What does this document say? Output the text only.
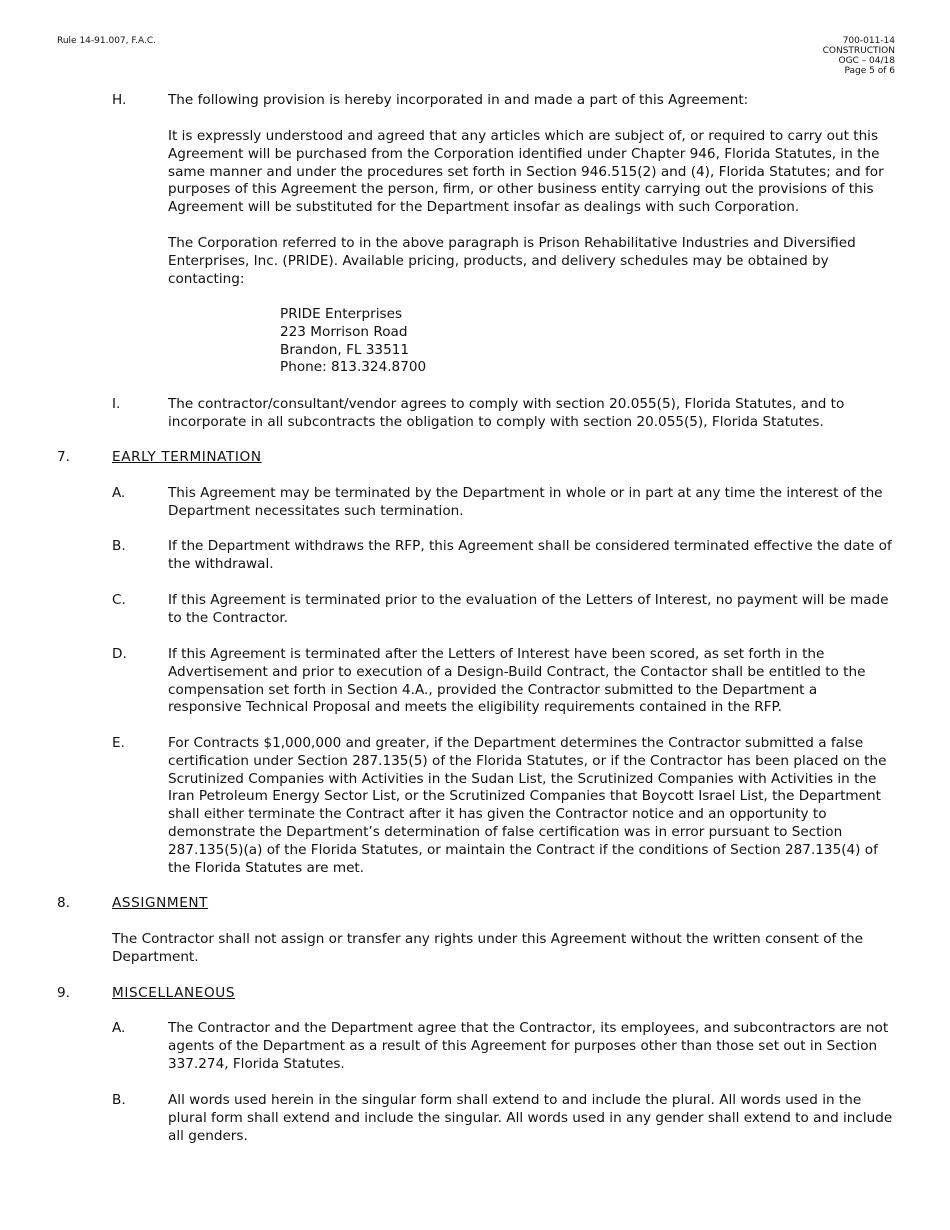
Rule 14-91.007, F.A.C.	700-011-14
CONSTRUCTION
OGC – 04/18
Page 5 of 6
H.	The following provision is hereby incorporated in and made a part of this Agreement:
It is expressly understood and agreed that any articles which are subject of, or required to carry out this Agreement will be purchased from the Corporation identified under Chapter 946, Florida Statutes, in the same manner and under the procedures set forth in Section 946.515(2) and (4), Florida Statutes; and for purposes of this Agreement the person, firm, or other business entity carrying out the provisions of this Agreement will be substituted for the Department insofar as dealings with such Corporation.
The Corporation referred to in the above paragraph is Prison Rehabilitative Industries and Diversified Enterprises, Inc. (PRIDE). Available pricing, products, and delivery schedules may be obtained by contacting:
PRIDE Enterprises
223 Morrison Road
Brandon, FL 33511
Phone: 813.324.8700
I.	The contractor/consultant/vendor agrees to comply with section 20.055(5), Florida Statutes, and to incorporate in all subcontracts the obligation to comply with section 20.055(5), Florida Statutes.
7.	EARLY TERMINATION
A.	This Agreement may be terminated by the Department in whole or in part at any time the interest of the Department necessitates such termination.
B.	If the Department withdraws the RFP, this Agreement shall be considered terminated effective the date of the withdrawal.
C.	If this Agreement is terminated prior to the evaluation of the Letters of Interest, no payment will be made to the Contractor.
D.	If this Agreement is terminated after the Letters of Interest have been scored, as set forth in the Advertisement and prior to execution of a Design-Build Contract, the Contactor shall be entitled to the compensation set forth in Section 4.A., provided the Contractor submitted to the Department a responsive Technical Proposal and meets the eligibility requirements contained in the RFP.
E.	For Contracts $1,000,000 and greater, if the Department determines the Contractor submitted a false certification under Section 287.135(5) of the Florida Statutes, or if the Contractor has been placed on the Scrutinized Companies with Activities in the Sudan List, the Scrutinized Companies with Activities in the Iran Petroleum Energy Sector List, or the Scrutinized Companies that Boycott Israel List, the Department shall either terminate the Contract after it has given the Contractor notice and an opportunity to demonstrate the Department’s determination of false certification was in error pursuant to Section 287.135(5)(a) of the Florida Statutes, or maintain the Contract if the conditions of Section 287.135(4) of the Florida Statutes are met.
8.	ASSIGNMENT
The Contractor shall not assign or transfer any rights under this Agreement without the written consent of the Department.
9.	MISCELLANEOUS
A.	The Contractor and the Department agree that the Contractor, its employees, and subcontractors are not agents of the Department as a result of this Agreement for purposes other than those set out in Section 337.274, Florida Statutes.
B.	All words used herein in the singular form shall extend to and include the plural. All words used in the plural form shall extend and include the singular. All words used in any gender shall extend to and include all genders.
